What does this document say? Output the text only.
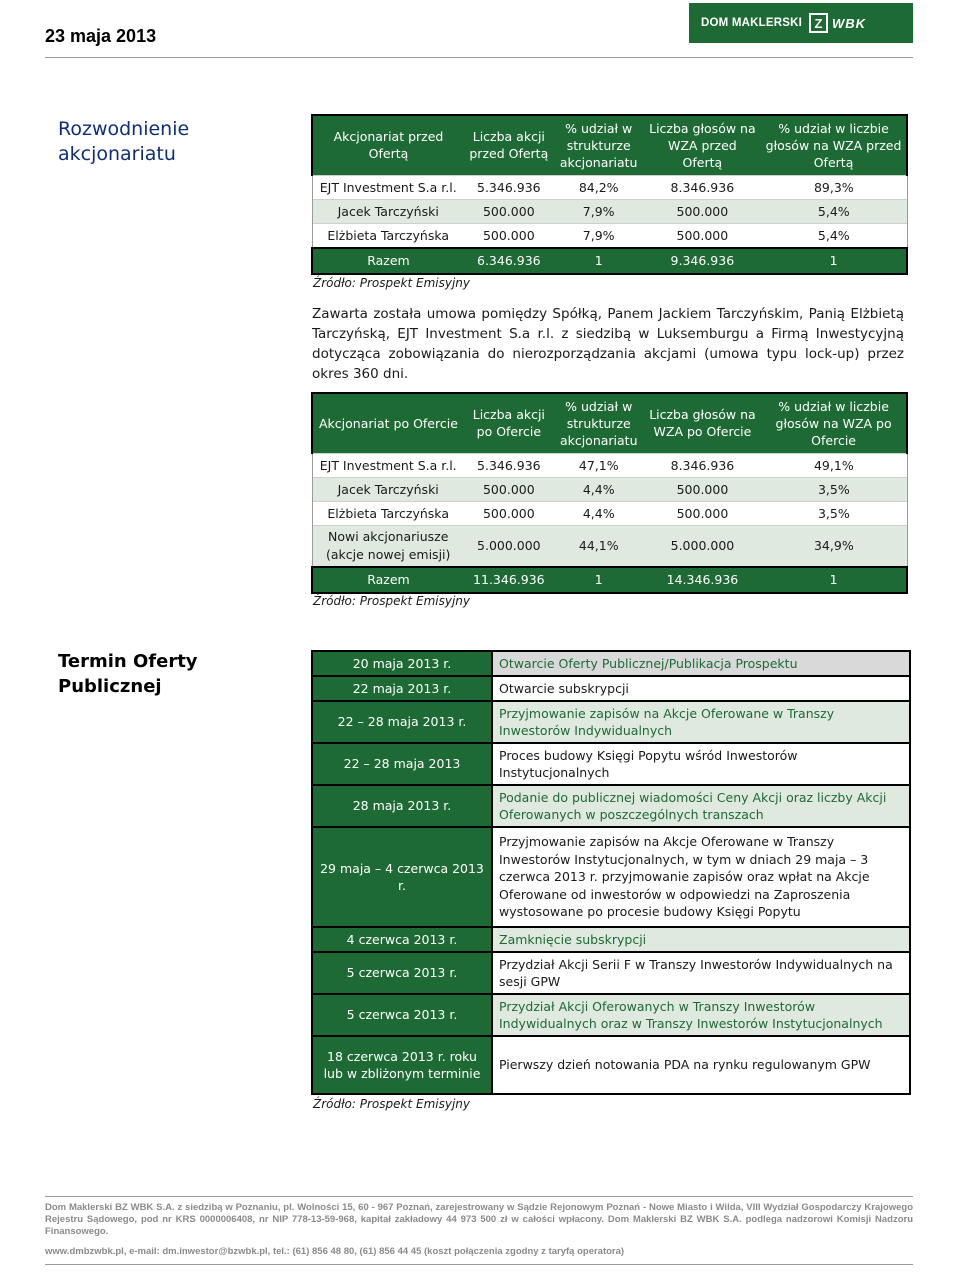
23 maja 2013
DOM MAKLERSKI Z WBK
Rozwodnienie akcjonariatu
Akcjonariat przed Ofertą	Liczba akcji przed Ofertą	% udział w strukturze akcjonariatu	Liczba głosów na WZA przed Ofertą	% udział w liczbie głosów na WZA przed Ofertą
EJT Investment S.a r.l.	5.346.936	84,2%	8.346.936	89,3%
Jacek Tarczyński	500.000	7,9%	500.000	5,4%
Elżbieta Tarczyńska	500.000	7,9%	500.000	5,4%
Razem	6.346.936	1	9.346.936	1
Źródło: Prospekt Emisyjny
Zawarta została umowa pomiędzy Spółką, Panem Jackiem Tarczyńskim, Panią Elżbietą Tarczyńską, EJT Investment S.a r.l. z siedzibą w Luksemburgu a Firmą Inwestycyjną dotycząca zobowiązania do nierozporządzania akcjami (umowa typu lock-up) przez okres 360 dni.
Akcjonariat po Ofercie	Liczba akcji po Ofercie	% udział w strukturze akcjonariatu	Liczba głosów na WZA po Ofercie	% udział w liczbie głosów na WZA po Ofercie
EJT Investment S.a r.l.	5.346.936	47,1%	8.346.936	49,1%
Jacek Tarczyński	500.000	4,4%	500.000	3,5%
Elżbieta Tarczyńska	500.000	4,4%	500.000	3,5%
Nowi akcjonariusze (akcje nowej emisji)	5.000.000	44,1%	5.000.000	34,9%
Razem	11.346.936	1	14.346.936	1
Źródło: Prospekt Emisyjny
Termin Oferty Publicznej
20 maja 2013 r.	Otwarcie Oferty Publicznej/Publikacja Prospektu
22 maja 2013 r.	Otwarcie subskrypcji
22 – 28 maja 2013 r.	Przyjmowanie zapisów na Akcje Oferowane w Transzy Inwestorów Indywidualnych
22 – 28 maja 2013	Proces budowy Księgi Popytu wśród Inwestorów Instytucjonalnych
28 maja 2013 r.	Podanie do publicznej wiadomości Ceny Akcji oraz liczby Akcji Oferowanych w poszczególnych transzach
29 maja – 4 czerwca 2013 r.	Przyjmowanie zapisów na Akcje Oferowane w Transzy Inwestorów Instytucjonalnych, w tym w dniach 29 maja – 3 czerwca 2013 r. przyjmowanie zapisów oraz wpłat na Akcje Oferowane od inwestorów w odpowiedzi na Zaproszenia wystosowane po procesie budowy Księgi Popytu
4 czerwca 2013 r.	Zamknięcie subskrypcji
5 czerwca 2013 r.	Przydział Akcji Serii F w Transzy Inwestorów Indywidualnych na sesji GPW
5 czerwca 2013 r.	Przydział Akcji Oferowanych w Transzy Inwestorów Indywidualnych oraz w Transzy Inwestorów Instytucjonalnych
18 czerwca 2013 r. roku lub w zbliżonym terminie	Pierwszy dzień notowania PDA na rynku regulowanym GPW
Źródło: Prospekt Emisyjny
Dom Maklerski BZ WBK S.A. z siedzibą w Poznaniu, pl. Wolności 15, 60 - 967 Poznań, zarejestrowany w Sądzie Rejonowym Poznań - Nowe Miasto i Wilda, VIII Wydział Gospodarczy Krajowego Rejestru Sądowego, pod nr KRS 0000006408, nr NIP 778-13-59-968, kapitał zakładowy 44 973 500 zł w całości wpłacony. Dom Maklerski BZ WBK S.A. podlega nadzorowi Komisji Nadzoru Finansowego.
www.dmbzwbk.pl, e-mail: dm.inwestor@bzwbk.pl, tel.: (61) 856 48 80, (61) 856 44 45 (koszt połączenia zgodny z taryfą operatora)
